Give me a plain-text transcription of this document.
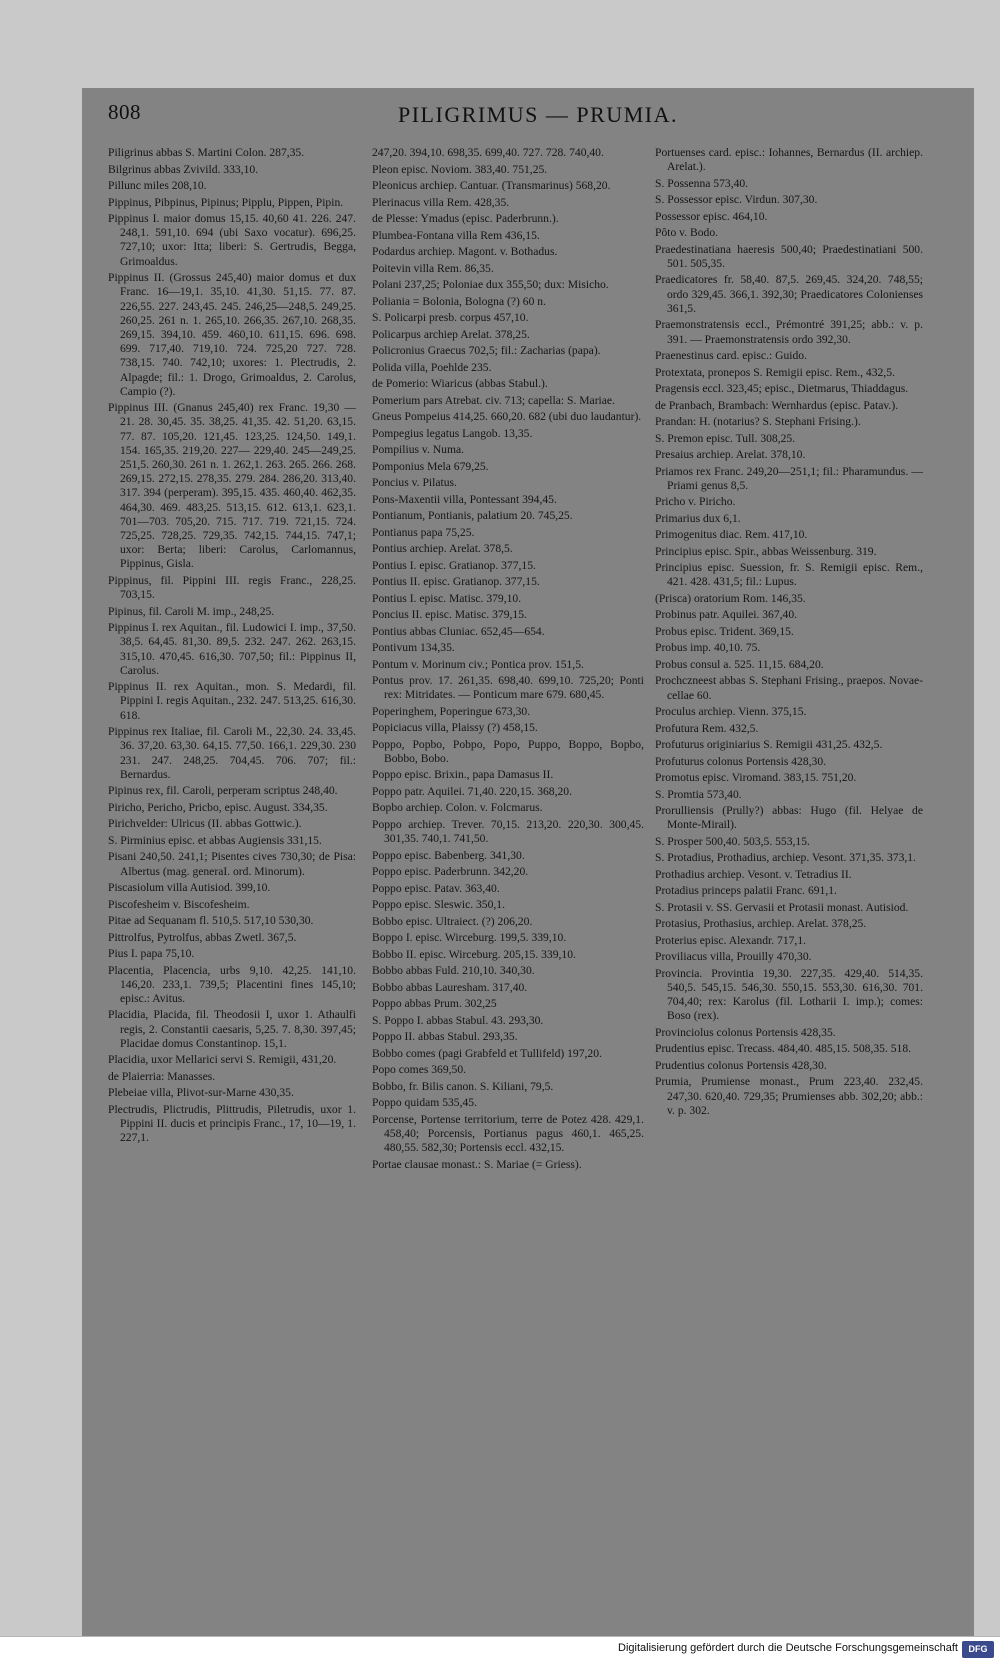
808	PILIGRIMUS — PRUMIA.
Piligrinus abbas S. Martini Colon. 287,35.
Bilgrinus abbas Zvivild. 333,10.
Pillunc miles 208,10.
Pippinus, Pibpinus, Pipinus; Pipplu, Pippen, Pipin.
Pippinus I. maior domus 15,15. 40,60 41. 226. 247. 248,1. 591,10. 694 (ubi Saxo vocatur). 696,25. 727,10; uxor: Itta; liberi: S. Gertrudis, Begga, Grimoaldus.
Pippinus II. (Grossus 245,40) maior domus et dux Franc. 16—19,1. 35,10. 41,30. 51,15. 77. 87. 226,55. 227. 243,45. 245. 246,25—248,5. 249,25. 260,25. 261 n. 1. 265,10. 266,35. 267,10. 268,35. 269,15. 394,10. 459. 460,10. 611,15. 696. 698. 699. 717,40. 719,10. 724. 725,20 727. 728. 738,15. 740. 742,10; uxores: 1. Plectrudis, 2. Alpagde; fil.: 1. Drogo, Grimoaldus, 2. Carolus, Campio (?).
Pippinus III. (Gnanus 245,40) rex Franc. 19,30 — 21. 28. 30,45. 35. 38,25. 41,35. 42. 51,20. 63,15. 77. 87. 105,20. 121,45. 123,25. 124,50. 149,1. 154. 165,35. 219,20. 227— 229,40. 245—249,25. 251,5. 260,30. 261 n. 1. 262,1. 263. 265. 266. 268. 269,15. 272,15. 278,35. 279. 284. 286,20. 313,40. 317. 394 (perperam). 395,15. 435. 460,40. 462,35. 464,30. 469. 483,25. 513,15. 612. 613,1. 623,1. 701—703. 705,20. 715. 717. 719. 721,15. 724. 725,25. 728,25. 729,35. 742,15. 744,15. 747,1; uxor: Berta; liberi: Carolus, Carlomannus, Pippinus, Gisla.
Pippinus, fil. Pippini III. regis Franc., 228,25. 703,15.
Pipinus, fil. Caroli M. imp., 248,25.
Pippinus I. rex Aquitan., fil. Ludowici I. imp., 37,50. 38,5. 64,45. 81,30. 89,5. 232. 247. 262. 263,15. 315,10. 470,45. 616,30. 707,50; fil.: Pippinus II, Carolus.
Pippinus II. rex Aquitan., mon. S. Medardi, fil. Pippini I. regis Aquitan., 232. 247. 513,25. 616,30. 618.
Pippinus rex Italiae, fil. Caroli M., 22,30. 24. 33,45. 36. 37,20. 63,30. 64,15. 77,50. 166,1. 229,30. 230 231. 247. 248,25. 704,45. 706. 707; fil.: Bernardus.
Pipinus rex, fil. Caroli, perperam scriptus 248,40.
Piricho, Pericho, Pricbo, episc. August. 334,35.
Pirichvelder: Ulricus (II. abbas Gottwic.).
S. Pirminius episc. et abbas Augiensis 331,15.
Pisani 240,50. 241,1; Pisentes cives 730,30; de Pisa: Albertus (mag. generaI. ord. Minorum).
Piscasiolum villa Autisiod. 399,10.
Piscofesheim v. Biscofesheim.
Pitae ad Sequanam fl. 510,5. 517,10 530,30.
Pittrolfus, Pytrolfus, abbas Zwetl. 367,5.
Pius I. papa 75,10.
Placentia, Placencia, urbs 9,10. 42,25. 141,10. 146,20. 233,1. 739,5; Placentini fines 145,10; episc.: Avitus.
Placidia, Placida, fil. Theodosii I, uxor 1. Athaulfi regis, 2. Constantii caesaris, 5,25. 7. 8,30. 397,45; Placidae domus Constantinop. 15,1.
Placidia, uxor Mellarici servi S. Remigii, 431,20.
de Plaierria: Manasses.
Plebeiae villa, Plivot-sur-Marne 430,35.
Plectrudis, Plictrudis, Plittrudis, Piletrudis, uxor 1. Pippini II. ducis et principis Franc., 17, 10—19, 1. 227,1.
247,20. 394,10. 698,35. 699,40. 727. 728. 740,40.
Pleon episc. Noviom. 383,40. 751,25.
Pleonicus archiep. Cantuar. (Transmarinus) 568,20.
Plerinacus villa Rem. 428,35.
de Plesse: Ymadus (episc. Paderbrunn.).
Plumbea-Fontana villa Rem 436,15.
Podardus archiep. Magont. v. Bothadus.
Poitevin villa Rem. 86,35.
Polani 237,25; Poloniae dux 355,50; dux: Misicho.
Poliania = Bolonia, Bologna (?) 60 n.
S. Policarpi presb. corpus 457,10.
Policarpus archiep Arelat. 378,25.
Policronius Graecus 702,5; fil.: Zacharias (papa).
Polida villa, Poehlde 235.
de Pomerio: Wiaricus (abbas Stabul.).
Pomerium pars Atrebat. civ. 713; capella: S. Mariae.
Gneus Pompeius 414,25. 660,20. 682 (ubi duo laudantur).
Pompegius legatus Langob. 13,35.
Pompilius v. Numa.
Pomponius Mela 679,25.
Poncius v. Pilatus.
Pons-Maxentii villa, Pontessant 394,45.
Pontianum, Pontianis, palatium 20. 745,25.
Pontianus papa 75,25.
Pontius archiep. Arelat. 378,5.
Pontius I. episc. Gratianop. 377,15.
Pontius II. episc. Gratianop. 377,15.
Pontius I. episc. Matisc. 379,10.
Poncius II. episc. Matisc. 379,15.
Pontius abbas Cluniac. 652,45—654.
Pontivum 134,35.
Pontum v. Morinum civ.; Pontica prov. 151,5.
Pontus prov. 17. 261,35. 698,40. 699,10. 725,20; Ponti rex: Mitridates. — Ponticum mare 679. 680,45.
Poperinghem, Poperingue 673,30.
Popiciacus villa, Plaissy (?) 458,15.
Poppo, Popbo, Pobpo, Popo, Puppo, Boppo, Bopbo, Bobbo, Bobo.
Poppo episc. Brixin., papa Damasus II.
Poppo patr. Aquilei. 71,40. 220,15. 368,20.
Bopbo archiep. Colon. v. Folcmarus.
Poppo archiep. Trever. 70,15. 213,20. 220,30. 300,45. 301,35. 740,1. 741,50.
Poppo episc. Babenberg. 341,30.
Poppo episc. Paderbrunn. 342,20.
Poppo episc. Patav. 363,40.
Poppo episc. Sleswic. 350,1.
Bobbo episc. Ultraiect. (?) 206,20.
Boppo I. episc. Wirceburg. 199,5. 339,10.
Bobbo II. episc. Wirceburg. 205,15. 339,10.
Bobbo abbas Fuld. 210,10. 340,30.
Bobbo abbas Lauresham. 317,40.
Poppo abbas Prum. 302,25
S. Poppo I. abbas Stabul. 43. 293,30.
Poppo II. abbas Stabul. 293,35.
Bobbo comes (pagi Grabfeld et Tullifeld) 197,20.
Popo comes 369,50.
Bobbo, fr. Bilis canon. S. Kiliani, 79,5.
Poppo quidam 535,45.
Porcense, Portense territorium, terre de Potez 428. 429,1. 458,40; Porcensis, Portianus pagus 460,1. 465,25. 480,55. 582,30; Portensis eccl. 432,15.
Portae clausae monast.: S. Mariae (= Griess).
Portuenses card. episc.: Iohannes, Bernardus (II. archiep. Arelat.).
S. Possenna 573,40.
S. Possessor episc. Virdun. 307,30.
Possessor episc. 464,10.
Pôto v. Bodo.
Praedestinatiana haeresis 500,40; Praedestinatiani 500. 501. 505,35.
Praedicatores fr. 58,40. 87,5. 269,45. 324,20. 748,55; ordo 329,45. 366,1. 392,30; Praedicatores Colonienses 361,5.
Praemonstratensis eccl., Prémontré 391,25; abb.: v. p. 391. — Praemonstratensis ordo 392,30.
Praenestinus card. episc.: Guido.
Protextata, pronepos S. Remigii episc. Rem., 432,5.
Pragensis eccl. 323,45; episc., Dietmarus, Thiaddagus.
de Pranbach, Brambach: Wernhardus (episc. Patav.).
Prandan: H. (notarius? S. Stephani Frising.).
S. Premon episc. Tull. 308,25.
Presaius archiep. Arelat. 378,10.
Priamos rex Franc. 249,20—251,1; fil.: Pharamundus. — Priami genus 8,5.
Pricho v. Piricho.
Primarius dux 6,1.
Primogenitus diac. Rem. 417,10.
Principius episc. Spir., abbas Weissenburg. 319.
Principius episc. Suession, fr. S. Remigii episc. Rem., 421. 428. 431,5; fil.: Lupus.
(Prisca) oratorium Rom. 146,35.
Probinus patr. Aquilei. 367,40.
Probus episc. Trident. 369,15.
Probus imp. 40,10. 75.
Probus consul a. 525. 11,15. 684,20.
Prochczneest abbas S. Stephani Frising., praepos. Novae-cellae 60.
Proculus archiep. Vienn. 375,15.
Profutura Rem. 432,5.
Profuturus originiarius S. Remigii 431,25. 432,5.
Profuturus colonus Portensis 428,30.
Promotus episc. Viromand. 383,15. 751,20.
S. Promtia 573,40.
Prorulliensis (Prully?) abbas: Hugo (fil. Helyae de Monte-Mirail).
S. Prosper 500,40. 503,5. 553,15.
S. Protadius, Prothadius, archiep. Vesont. 371,35. 373,1.
Prothadius archiep. Vesont. v. Tetradius II.
Protadius princeps palatii Franc. 691,1.
S. Protasii v. SS. Gervasii et Protasii monast. Autisiod.
Protasius, Prothasius, archiep. Arelat. 378,25.
Proterius episc. Alexandr. 717,1.
Proviliacus villa, Prouilly 470,30.
Provincia. Provintia 19,30. 227,35. 429,40. 514,35. 540,5. 545,15. 546,30. 550,15. 553,30. 616,30. 701. 704,40; rex: Karolus (fil. Lotharii I. imp.); comes: Boso (rex).
Provinciolus colonus Portensis 428,35.
Prudentius episc. Trecass. 484,40. 485,15. 508,35. 518.
Prudentius colonus Portensis 428,30.
Prumia, Prumiense monast., Prum 223,40. 232,45. 247,30. 620,40. 729,35; Prumienses abb. 302,20; abb.: v. p. 302.
Digitalisierung gefördert durch die Deutsche Forschungsgemeinschaft	DFG
